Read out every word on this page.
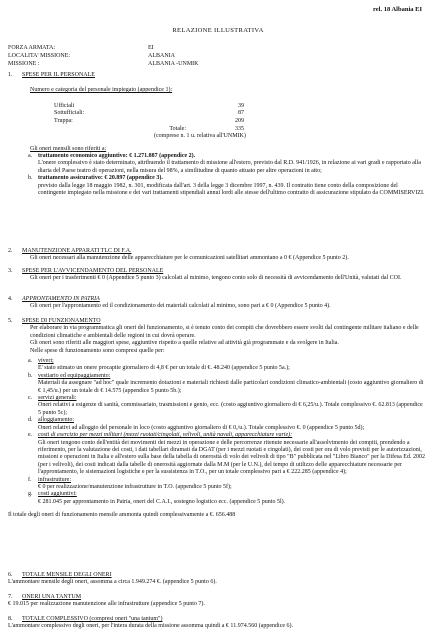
rel. 18 Albania EI
RELAZIONE ILLUSTRATIVA
FORZA ARMATA:	EI
LOCALITA' MISSIONE:	ALBANIA
MISSIONE :	ALBANIA -UNMIK
1. SPESE PER IL PERSONALE
Numero e categoria del personale impiegato (appendice 1):
Ufficiali	39
Sottufficiali:	87
Truppa:	209
Totale:	335
(comprese n. 1 u. relativa all'UNMIK)
Gli oneri mensili sono riferiti a:
a. trattamento economico aggiuntivo: € 1.271.887 (appendice 2).
L'onere complessivo è stato determinato, attribuendo il trattamento di missione all'estero, previsto dal R.D. 941/1926, in relazione ai vari gradi e rapportato alla diaria del Paese teatro di operazioni, nella misura del 98%, a similitudine di quanto attuato per altre operazioni in atto;
b. trattamento assicurativo: € 20.897 (appendice 3).
previsto dalla legge 18 maggio 1982, n. 301, modificata dall'art. 3 della legge 3 dicembre 1997, n. 439. Il contratto tiene conto della composizione del contingente impiegato nella missione e dei vari trattamenti stipendiali annui lordi alle stesse dell'ultimo contratto di assicurazione stipulato da COMMISERVIZI.
2. MANUTENZIONE APPARATI TLC DI F.A.
Gli oneri necessari alla manutenzione delle apparecchiature per le comunicazioni satellitari ammontano a 0 € (Appendice 5 punto 2).
3. SPESE PER L'AVVICENDAMENTO DEL PERSONALE
Gli oneri per i trasferimenti € 0 (Appendice 5 punto 3) calcolati al minimo, tengono conto solo di necessità di avvicendamento dell'Unità, valutati dal COI.
4. APPRONTAMENTO IN PATRIA
Gli oneri per l'approntamento ed il condizionamento dei materiali calcolati al minimo, sono pari a € 0 (Appendice 5 punto 4).
5. SPESE DI FUNZIONAMENTO
Per elaborare in via programmatica gli oneri del funzionamento, si è tenuto conto dei compiti che dovrebbero essere svolti dal contingente militare italiano e delle condizioni climatiche e ambientali delle regioni in cui dovrà operare.
Gli oneri sono riferiti alle maggiori spese, aggiuntive rispetto a quelle relative ad attività già programmate e da svolgere in Italia.
Nelle spese di funzionamento sono compresi quelle per:
a. viveri;
E' stato stimato un onere procapite giornaliero di 4,8 € per un totale di €. 48.240 (appendice 5 punto 5a.);
b. vestiario ed equipaggiamento:
Materiali da assegnare "ad hoc" quale incremento dotazioni e materiali richiesti dalle particolari condizioni climatico-ambientali (costo aggiuntivo giornaliero di € 1,45/u.) per un totale di € 14.575 (appendice 5 punto 5b.);
c. servizi generali:
Oneri relativi a esigenze di sanità, commissariato, trasmissioni e genio, ecc. (costo aggiuntivo giornaliero di € 6,25/u.). Totale complessivo €. 62.813 (appendice 5 punto 5c);
d. alloggiamento:
Oneri relativi ad alloggio del personale in loco (costo aggiuntivo giornaliero di € 0,/u.). Totale complessivo €. 0 (appendice 5 punto 5d);
e. costi di esercizio per mezzi militari (mezzi ruotati/cingolati, velivoli, unità navali, apparecchiature varie):
Gli oneri tengono conto dell'entità dei movimenti dei mezzi in operazione e delle percorrenze ritenute necessarie all'assolvimento dei compiti, prendendo a riferimento, per la valutazione dei costi, i dati tabellari diramati da DGAT (per i mezzi ruotati e cingolati), dei costi per ora di volo previsti per le autorizzazioni, missioni e operazioni in Italia e all'estero sulla base della tabella di onerosità di volo dei velivoli di tipo "B" pubblicata nel "Libro Bianco" per la Difesa Ed. 2002 (per i velivoli), dei costi indicati dalla tabelle di onerosità aggiornate dalla M.M (per le U.N.), del tempo di utilizzo delle apparecchiature necessarie per l'approntamento, le sistemazioni logistiche e per la sussistenza in T.O., per un totale complessivo pari a € 222.285 (appendice 4);
f.	infrastrutture:
€ 0 per realizzazione/manutenzione infrastrutture in T.O. (appendice 5 punto 5f);
g. costi aggiuntivi:
€ 281.045 per approntamento in Patria, oneri del C.A.I., sostegno logistico ecc. (appendice 5 punto 5l).
Il totale degli oneri di funzionamento mensile ammonta quindi complessivamente a €. 656.488
6. TOTALE MENSILE DEGLI ONERI
L'ammontare mensile degli oneri, assomma a circa 1.949.274 €. (appendice 5 punto 6).
7. ONERI UNA TANTUM
€ 19.015 per realizzazione manutenzione alle infrastrutture (appendice 5 punto 7).
8. TOTALE COMPLESSIVO (compresi oneri "una tantum")
L'ammontare complessivo degli oneri, per l'intera durata della missione assomma quindi a € 11.974.560 (appendice 6).
